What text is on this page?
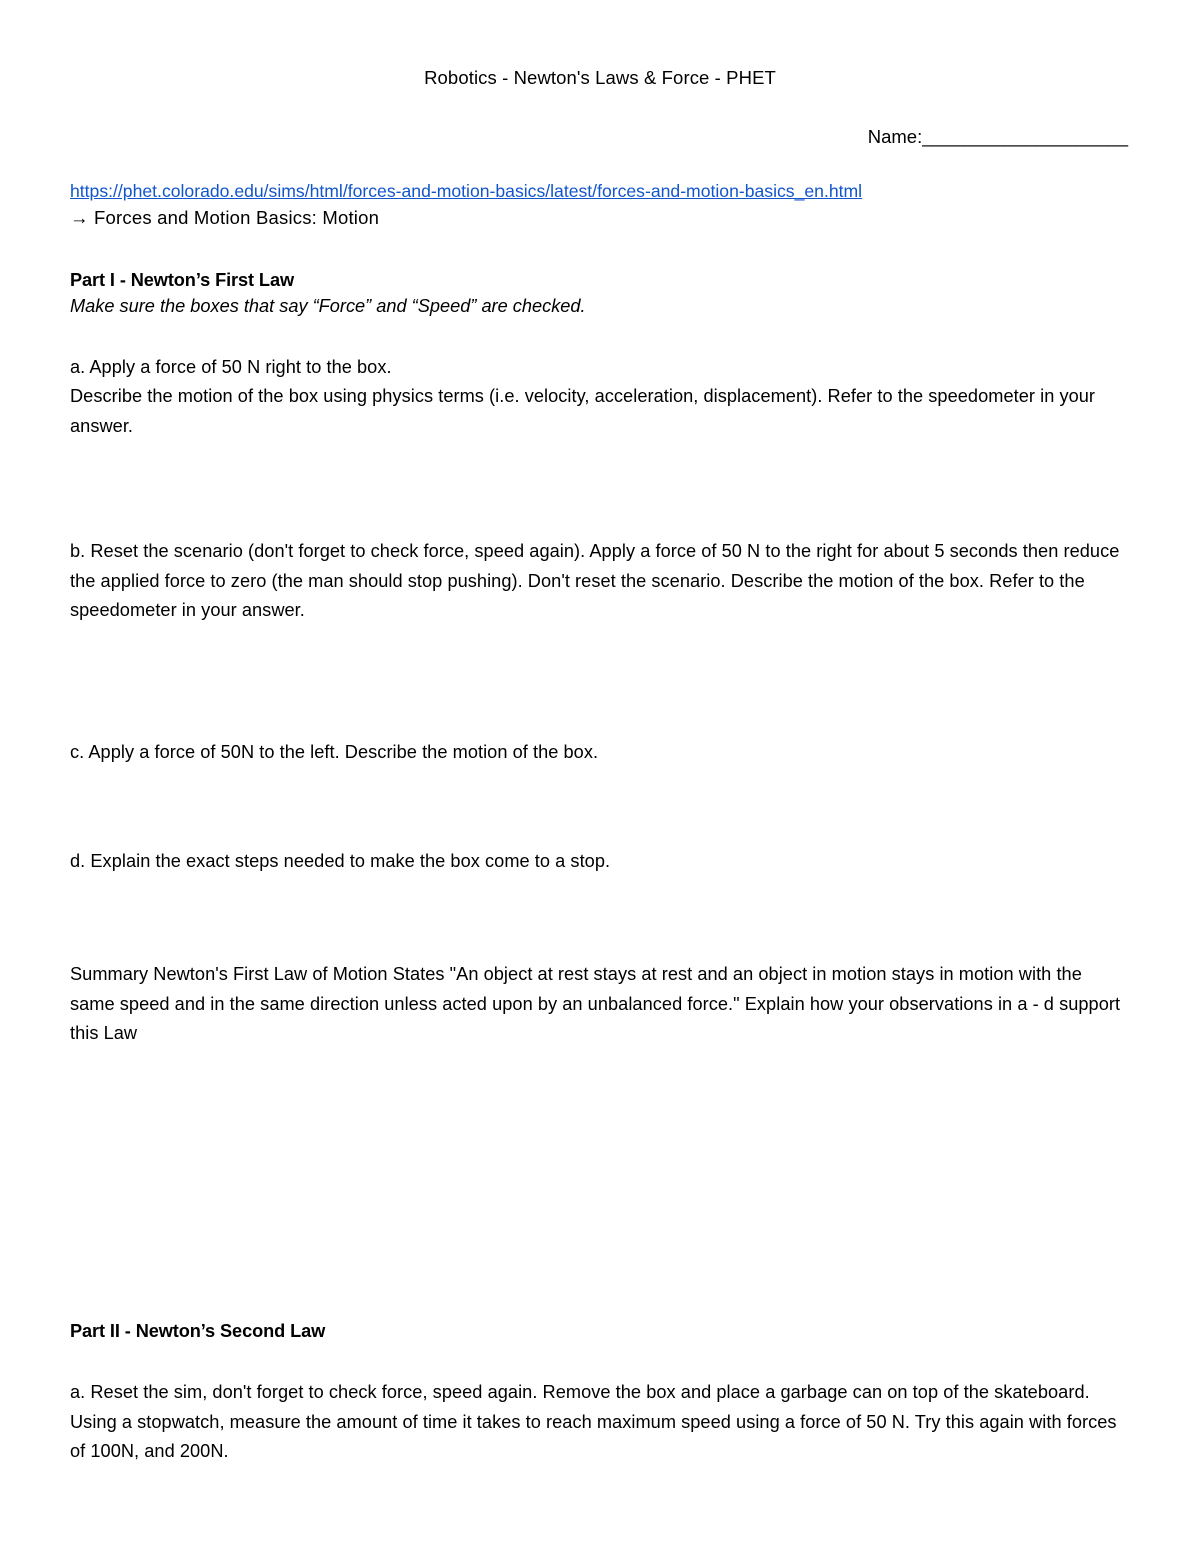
Robotics - Newton's Laws & Force - PHET
Name:____________________
https://phet.colorado.edu/sims/html/forces-and-motion-basics/latest/forces-and-motion-basics_en.html
→ Forces and Motion Basics: Motion
Part I - Newton’s First Law
Make sure the boxes that say “Force” and “Speed” are checked.
a. Apply a force of 50 N right to the box.
Describe the motion of the box using physics terms (i.e. velocity, acceleration, displacement). Refer to the speedometer in your answer.
b. Reset the scenario (don't forget to check force, speed again). Apply a force of 50 N to the right for about 5 seconds then reduce the applied force to zero (the man should stop pushing). Don't reset the scenario. Describe the motion of the box. Refer to the speedometer in your answer.
c. Apply a force of 50N to the left. Describe the motion of the box.
d. Explain the exact steps needed to make the box come to a stop.
Summary Newton's First Law of Motion States "An object at rest stays at rest and an object in motion stays in motion with the same speed and in the same direction unless acted upon by an unbalanced force." Explain how your observations in a - d support this Law
Part II - Newton’s Second Law
a. Reset the sim, don't forget to check force, speed again. Remove the box and place a garbage can on top of the skateboard. Using a stopwatch, measure the amount of time it takes to reach maximum speed using a force of 50 N. Try this again with forces of 100N, and 200N.
